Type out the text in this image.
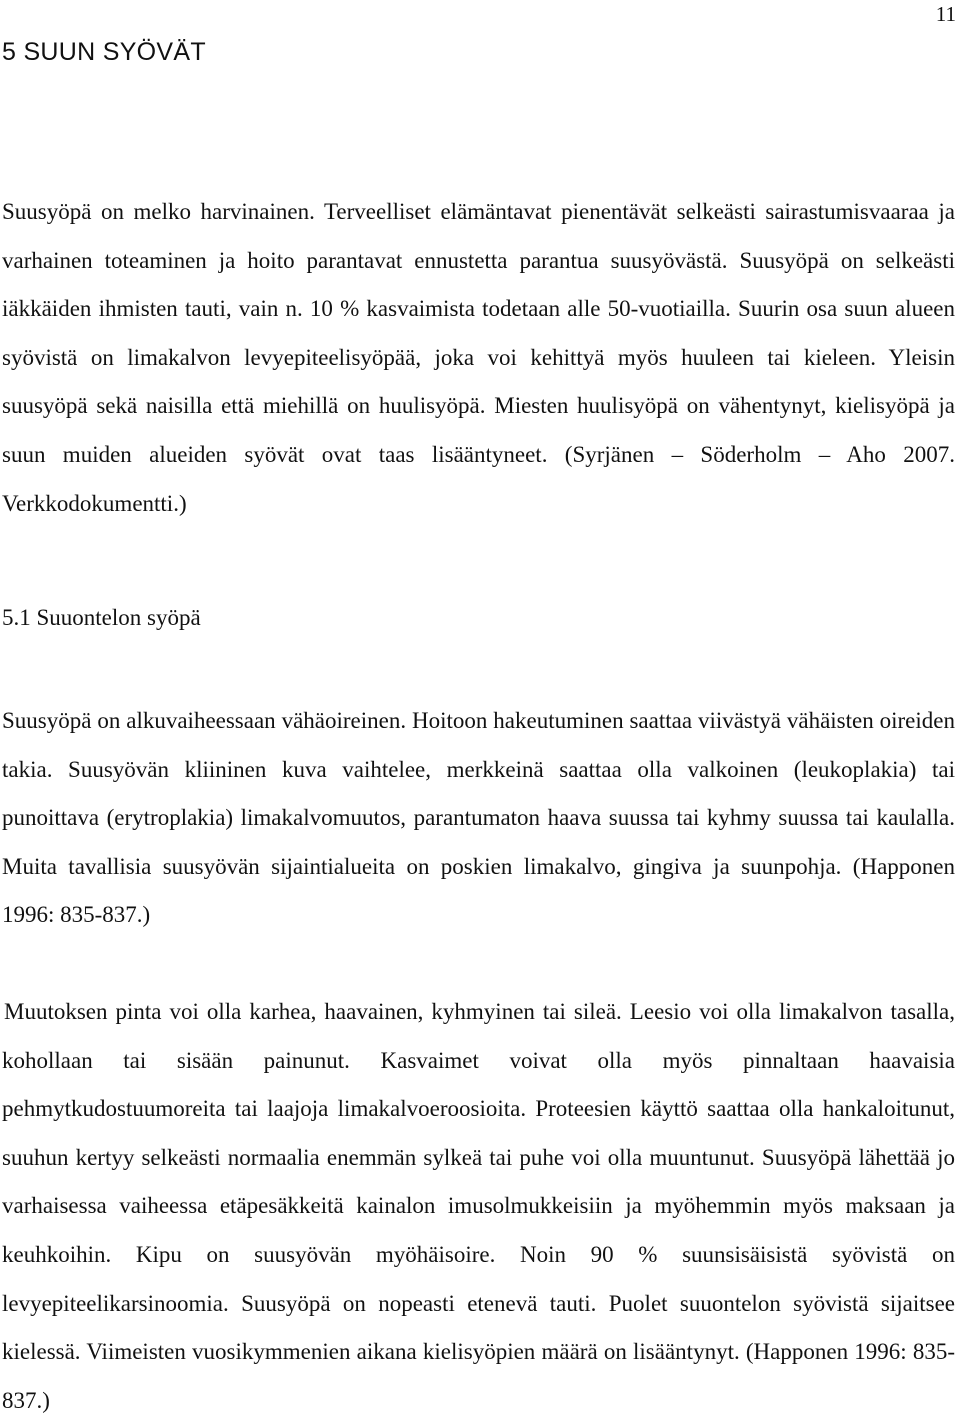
11
5 SUUN SYÖVÄT

Suusyöpä on melko harvinainen. Terveelliset elämäntavat pienentävät selkeästi sairastumisvaaraa ja varhainen toteaminen ja hoito parantavat ennustetta parantua suusyövästä. Suusyöpä on selkeästi iäkkäiden ihmisten tauti, vain n. 10 % kasvaimista todetaan alle 50-vuotiailla. Suurin osa suun alueen syövistä on limakalvon levyepiteelisyöpää, joka voi kehittyä myös huuleen tai kieleen. Yleisin suusyöpä sekä naisilla että miehillä on huulisyöpä. Miesten huulisyöpä on vähentynyt, kielisyöpä ja suun muiden alueiden syövät ovat taas lisääntyneet. (Syrjänen – Söderholm – Aho 2007. Verkkodokumentti.)

5.1 Suuontelon syöpä

Suusyöpä on alkuvaiheessaan vähäoireinen. Hoitoon hakeutuminen saattaa viivästyä vähäisten oireiden takia. Suusyövän kliininen kuva vaihtelee, merkkeinä saattaa olla valkoinen (leukoplakia) tai punoittava (erytroplakia) limakalvomuutos, parantumaton haava suussa tai kyhmy suussa tai kaulalla. Muita tavallisia suusyövän sijaintialueita on poskien limakalvo, gingiva ja suunpohja. (Happonen 1996: 835-837.)

Muutoksen pinta voi olla karhea, haavainen, kyhmyinen tai sileä. Leesio voi olla limakalvon tasalla, kohollaan tai sisään painunut. Kasvaimet voivat olla myös pinnaltaan haavaisia pehmytkudostuumoreita tai laajoja limakalvoeroosioita. Proteesien käyttö saattaa olla hankaloitunut, suuhun kertyy selkeästi normaalia enemmän sylkeä tai puhe voi olla muuntunut. Suusyöpä lähettää jo varhaisessa vaiheessa etäpesäkkeitä kainalon imusolmukkeisiin ja myöhemmin myös maksaan ja keuhkoihin. Kipu on suusyövän myöhäisoire. Noin 90 % suunsisäisistä syövistä on levyepiteelikarsinoomia. Suusyöpä on nopeasti etenevä tauti. Puolet suuontelon syövistä sijaitsee kielessä. Viimeisten vuosikymmenien aikana kielisyöpien määrä on lisääntynyt. (Happonen 1996: 835-837.)
